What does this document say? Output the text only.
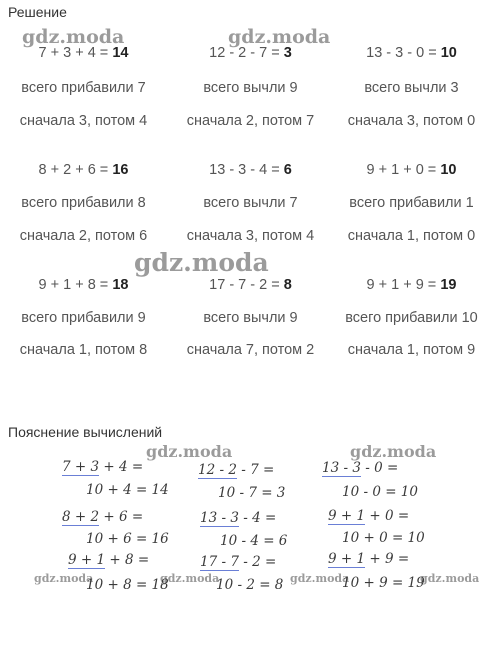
Решение
gdz.moda	gdz.moda
gdz.moda
gdz.moda	gdz.moda
gdz.moda	gdz.moda	gdz.moda	gdz.moda
7 + 3 + 4 = 14
всего прибавили 7
сначала 3, потом 4
12 - 2 - 7 = 3
всего вычли 9
сначала 2, потом 7
13 - 3 - 0 = 10
всего вычли 3
сначала 3, потом 0
8 + 2 + 6 = 16
всего прибавили 8
сначала 2, потом 6
13 - 3 - 4 = 6
всего вычли 7
сначала 3, потом 4
9 + 1 + 0 = 10
всего прибавили 1
сначала 1, потом 0
9 + 1 + 8 = 18
всего прибавили 9
сначала 1, потом 8
17 - 7 - 2 = 8
всего вычли 9
сначала 7, потом 2
9 + 1 + 9 = 19
всего прибавили 10
сначала 1, потом 9
Пояснение вычислений
7 + 3 + 4 =
10 + 4 = 14
8 + 2 + 6 =
10 + 6 = 16
9 + 1 + 8 =
10 + 8 = 18
12 - 2 - 7 =
10 - 7 = 3
13 - 3 - 4 =
10 - 4 = 6
17 - 7 - 2 =
10 - 2 = 8
13 - 3 - 0 =
10 - 0 = 10
9 + 1 + 0 =
10 + 0 = 10
9 + 1 + 9 =
10 + 9 = 19
